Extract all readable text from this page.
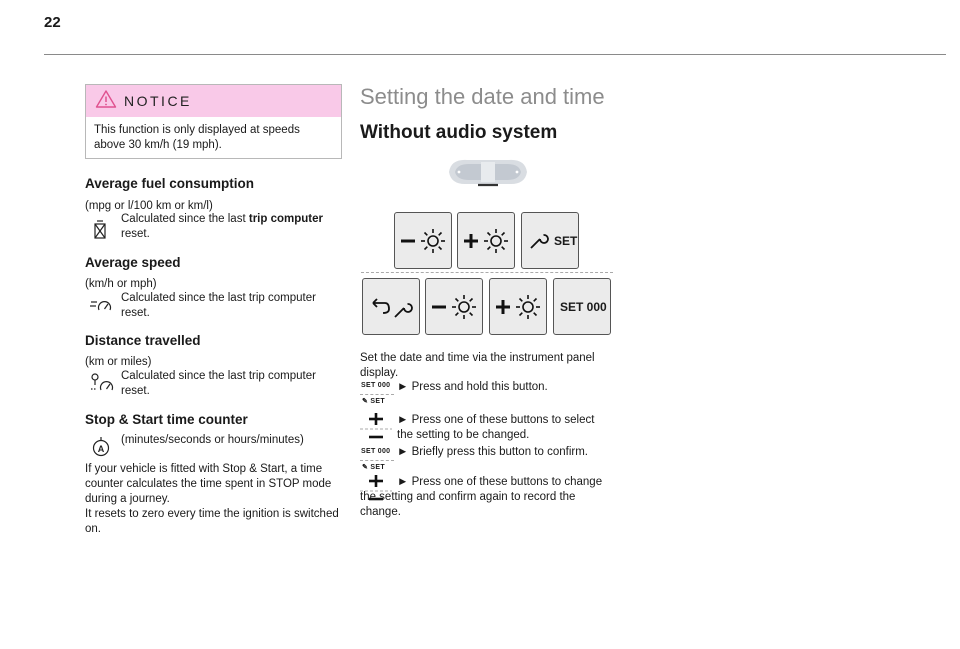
22
NOTICE
This function is only displayed at speeds above 30 km/h (19 mph).
Average fuel consumption
(mpg or l/100 km or km/l)
Calculated since the last trip computer reset.
Average speed
(km/h or mph)
Calculated since the last trip computer reset.
Distance travelled
(km or miles)
Calculated since the last trip computer reset.
Stop & Start time counter
A
(minutes/seconds or hours/minutes)
If your vehicle is fitted with Stop & Start, a time counter calculates the time spent in STOP mode during a journey.
It resets to zero every time the ignition is switched on.
Setting the date and time
Without audio system
SET
SET 000
Set the date and time via the instrument panel display.
SET 000
✎ SET
► Press and hold this button.
► Press one of these buttons to select the setting to be changed.
SET 000
✎ SET
► Briefly press this button to confirm.
► Press one of these buttons to change the setting and confirm again to record the change.
